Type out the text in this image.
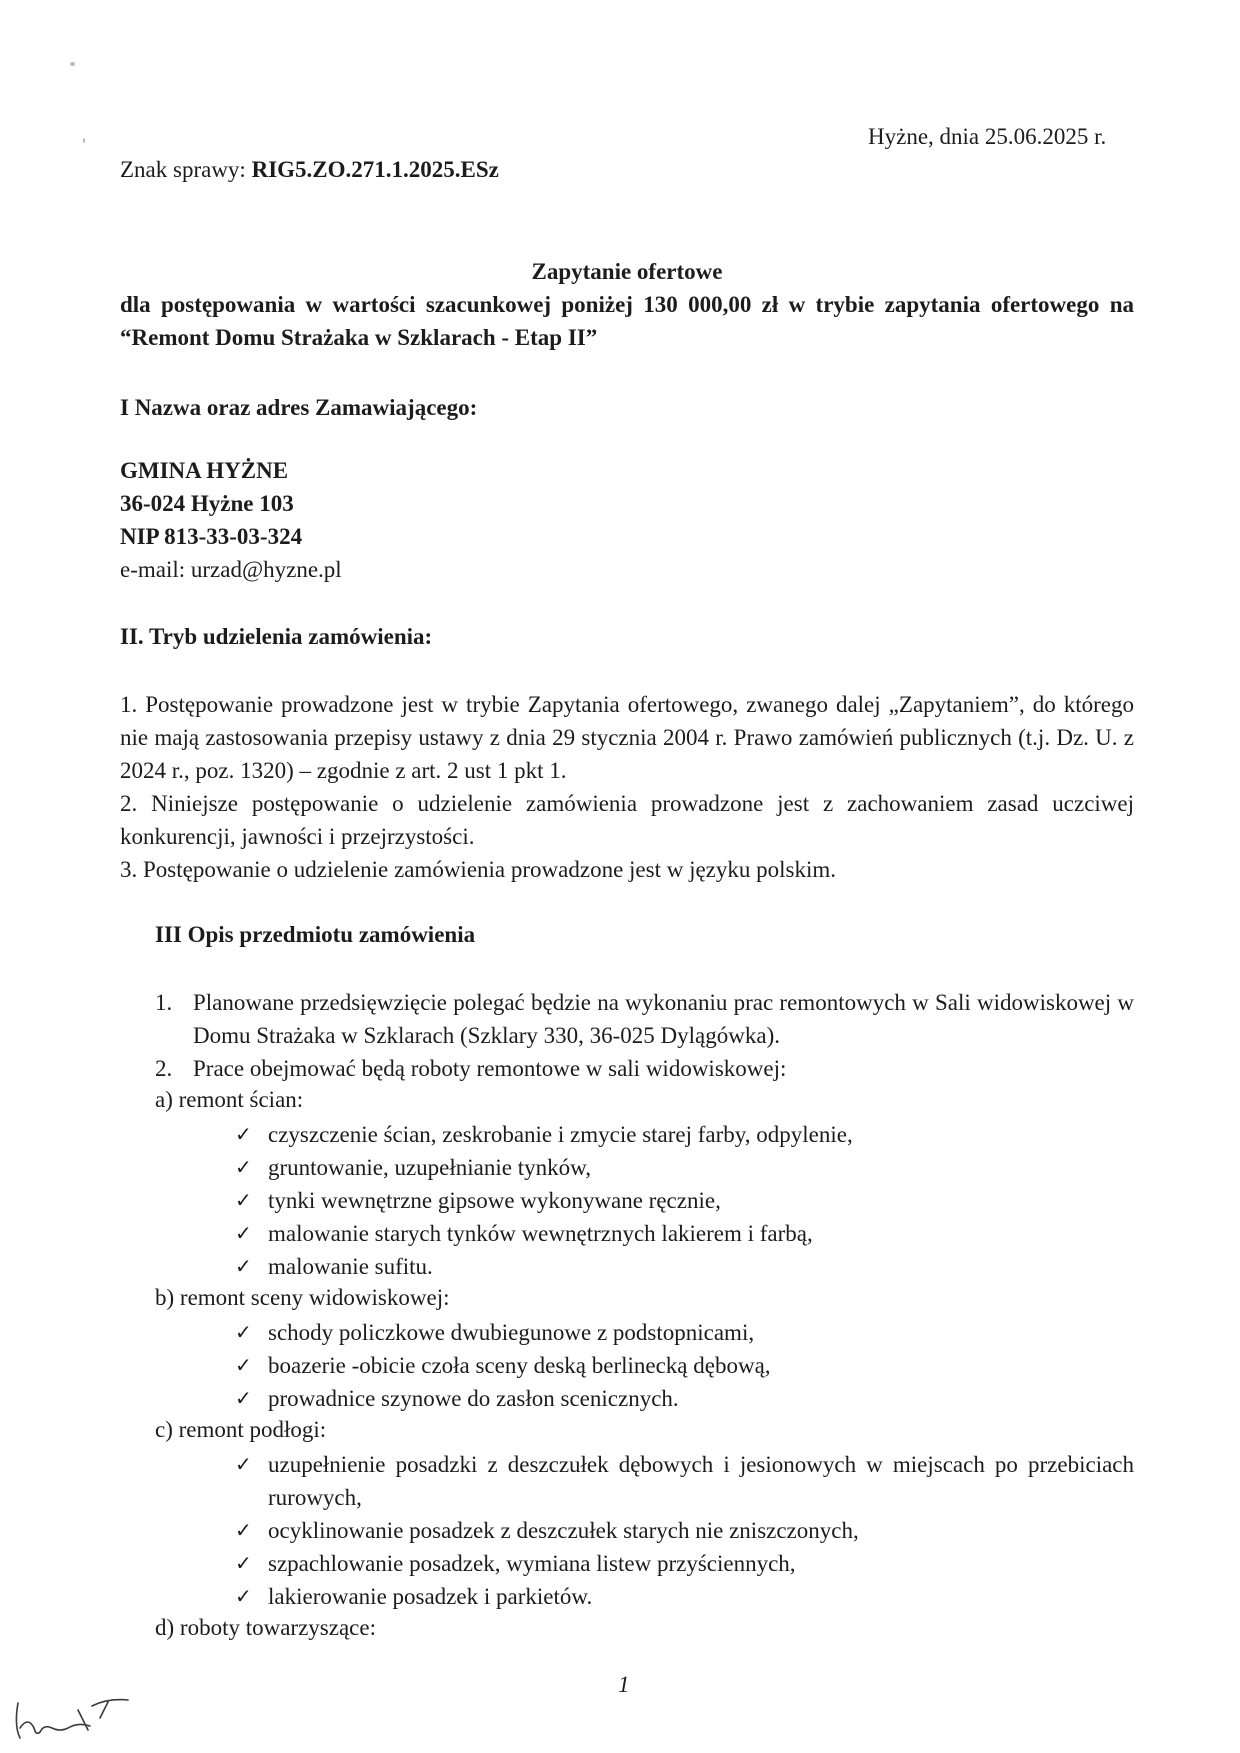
Hyżne, dnia 25.06.2025 r.
Znak sprawy: RIG5.ZO.271.1.2025.ESz
Zapytanie ofertowe
dla postępowania w wartości szacunkowej poniżej 130 000,00 zł w trybie zapytania ofertowego na “Remont Domu Strażaka w Szklarach - Etap II”
I Nazwa oraz adres Zamawiającego:
GMINA HYŻNE
36-024 Hyżne 103
NIP 813-33-03-324
e-mail: urzad@hyzne.pl
II. Tryb udzielenia zamówienia:
1. Postępowanie prowadzone jest w trybie Zapytania ofertowego, zwanego dalej „Zapytaniem”, do którego nie mają zastosowania przepisy ustawy z dnia 29 stycznia 2004 r. Prawo zamówień publicznych (t.j. Dz. U. z 2024 r., poz. 1320) – zgodnie z art. 2 ust 1 pkt 1.
2. Niniejsze postępowanie o udzielenie zamówienia prowadzone jest z zachowaniem zasad uczciwej konkurencji, jawności i przejrzystości.
3. Postępowanie o udzielenie zamówienia prowadzone jest w języku polskim.
III Opis przedmiotu zamówienia
1. Planowane przedsięwzięcie polegać będzie na wykonaniu prac remontowych w Sali widowiskowej w Domu Strażaka w Szklarach (Szklary 330, 36-025 Dylągówka).
2. Prace obejmować będą roboty remontowe w sali widowiskowej:
a) remont ścian:
✓ czyszczenie ścian, zeskrobanie i zmycie starej farby, odpylenie,
✓ gruntowanie, uzupełnianie tynków,
✓ tynki wewnętrzne gipsowe wykonywane ręcznie,
✓ malowanie starych tynków wewnętrznych lakierem i farbą,
✓ malowanie sufitu.
b) remont sceny widowiskowej:
✓ schody policzkowe dwubiegunowe z podstopnicami,
✓ boazerie -obicie czoła sceny deską berlinecką dębową,
✓ prowadnice szynowe do zasłon scenicznych.
c) remont podłogi:
✓ uzupełnienie posadzki z deszczułek dębowych i jesionowych w miejscach po przebiciach rurowych,
✓ ocyklinowanie posadzek z deszczułek starych nie zniszczonych,
✓ szpachlowanie posadzek, wymiana listew przyściennych,
✓ lakierowanie posadzek i parkietów.
d) roboty towarzyszące:
1
